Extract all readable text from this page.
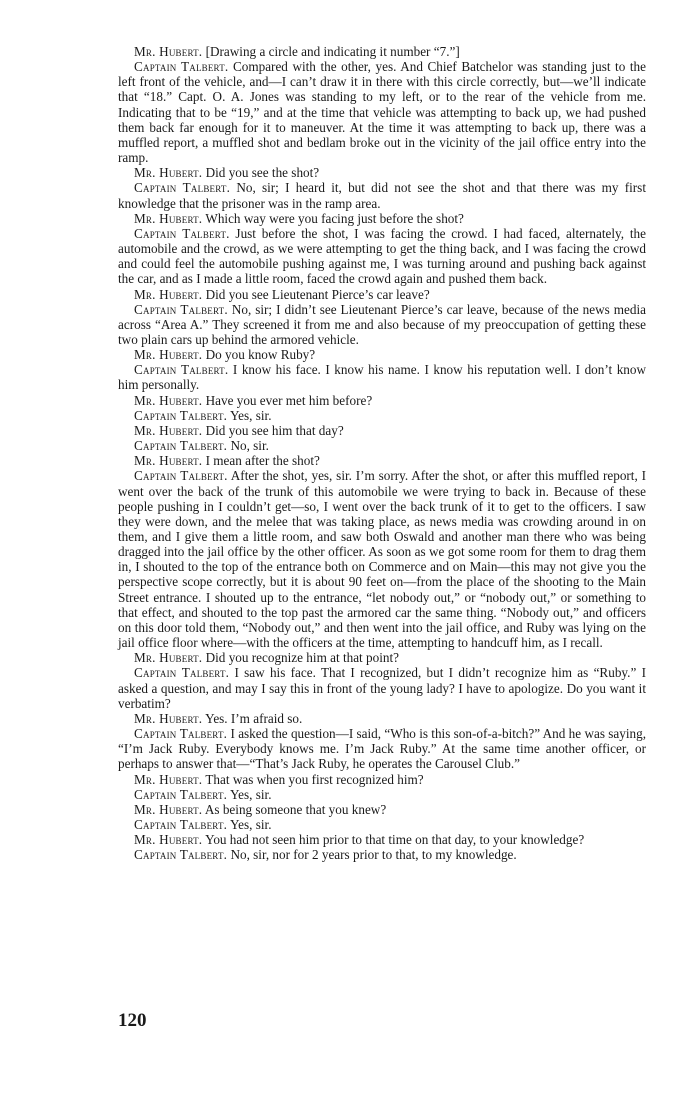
Mr. Hubert. [Drawing a circle and indicating it number “7.”]

Captain Talbert. Compared with the other, yes. And Chief Batchelor was standing just to the left front of the vehicle, and—I can’t draw it in there with this circle correctly, but—we’ll indicate that “18.” Capt. O. A. Jones was standing to my left, or to the rear of the vehicle from me. Indicating that to be “19,” and at the time that vehicle was attempting to back up, we had pushed them back far enough for it to maneuver. At the time it was attempting to back up, there was a muffled report, a muffled shot and bedlam broke out in the vicinity of the jail office entry into the ramp.

Mr. Hubert. Did you see the shot?

Captain Talbert. No, sir; I heard it, but did not see the shot and that there was my first knowledge that the prisoner was in the ramp area.

Mr. Hubert. Which way were you facing just before the shot?

Captain Talbert. Just before the shot, I was facing the crowd. I had faced, alternately, the automobile and the crowd, as we were attempting to get the thing back, and I was facing the crowd and could feel the automobile pushing against me, I was turning around and pushing back against the car, and as I made a little room, faced the crowd again and pushed them back.

Mr. Hubert. Did you see Lieutenant Pierce’s car leave?

Captain Talbert. No, sir; I didn’t see Lieutenant Pierce’s car leave, because of the news media across “Area A.” They screened it from me and also because of my preoccupation of getting these two plain cars up behind the armored vehicle.

Mr. Hubert. Do you know Ruby?

Captain Talbert. I know his face. I know his name. I know his reputation well. I don’t know him personally.

Mr. Hubert. Have you ever met him before?

Captain Talbert. Yes, sir.

Mr. Hubert. Did you see him that day?

Captain Talbert. No, sir.

Mr. Hubert. I mean after the shot?

Captain Talbert. After the shot, yes, sir. I’m sorry. After the shot, or after this muffled report, I went over the back of the trunk of this automobile we were trying to back in. Because of these people pushing in I couldn’t get—so, I went over the back trunk of it to get to the officers. I saw they were down, and the melee that was taking place, as news media was crowding around in on them, and I give them a little room, and saw both Oswald and another man there who was being dragged into the jail office by the other officer. As soon as we got some room for them to drag them in, I shouted to the top of the entrance both on Commerce and on Main—this may not give you the perspective scope correctly, but it is about 90 feet on—from the place of the shooting to the Main Street entrance. I shouted up to the entrance, “let nobody out,” or “nobody out,” or something to that effect, and shouted to the top past the armored car the same thing. “Nobody out,” and officers on this door told them, “Nobody out,” and then went into the jail office, and Ruby was lying on the jail office floor where—with the officers at the time, attempting to handcuff him, as I recall.

Mr. Hubert. Did you recognize him at that point?

Captain Talbert. I saw his face. That I recognized, but I didn’t recognize him as “Ruby.” I asked a question, and may I say this in front of the young lady? I have to apologize. Do you want it verbatim?

Mr. Hubert. Yes. I’m afraid so.

Captain Talbert. I asked the question—I said, “Who is this son-of-a-bitch?” And he was saying, “I’m Jack Ruby. Everybody knows me. I’m Jack Ruby.” At the same time another officer, or perhaps to answer that—“That’s Jack Ruby, he operates the Carousel Club.”

Mr. Hubert. That was when you first recognized him?

Captain Talbert. Yes, sir.

Mr. Hubert. As being someone that you knew?

Captain Talbert. Yes, sir.

Mr. Hubert. You had not seen him prior to that time on that day, to your knowledge?

Captain Talbert. No, sir, nor for 2 years prior to that, to my knowledge.

120
